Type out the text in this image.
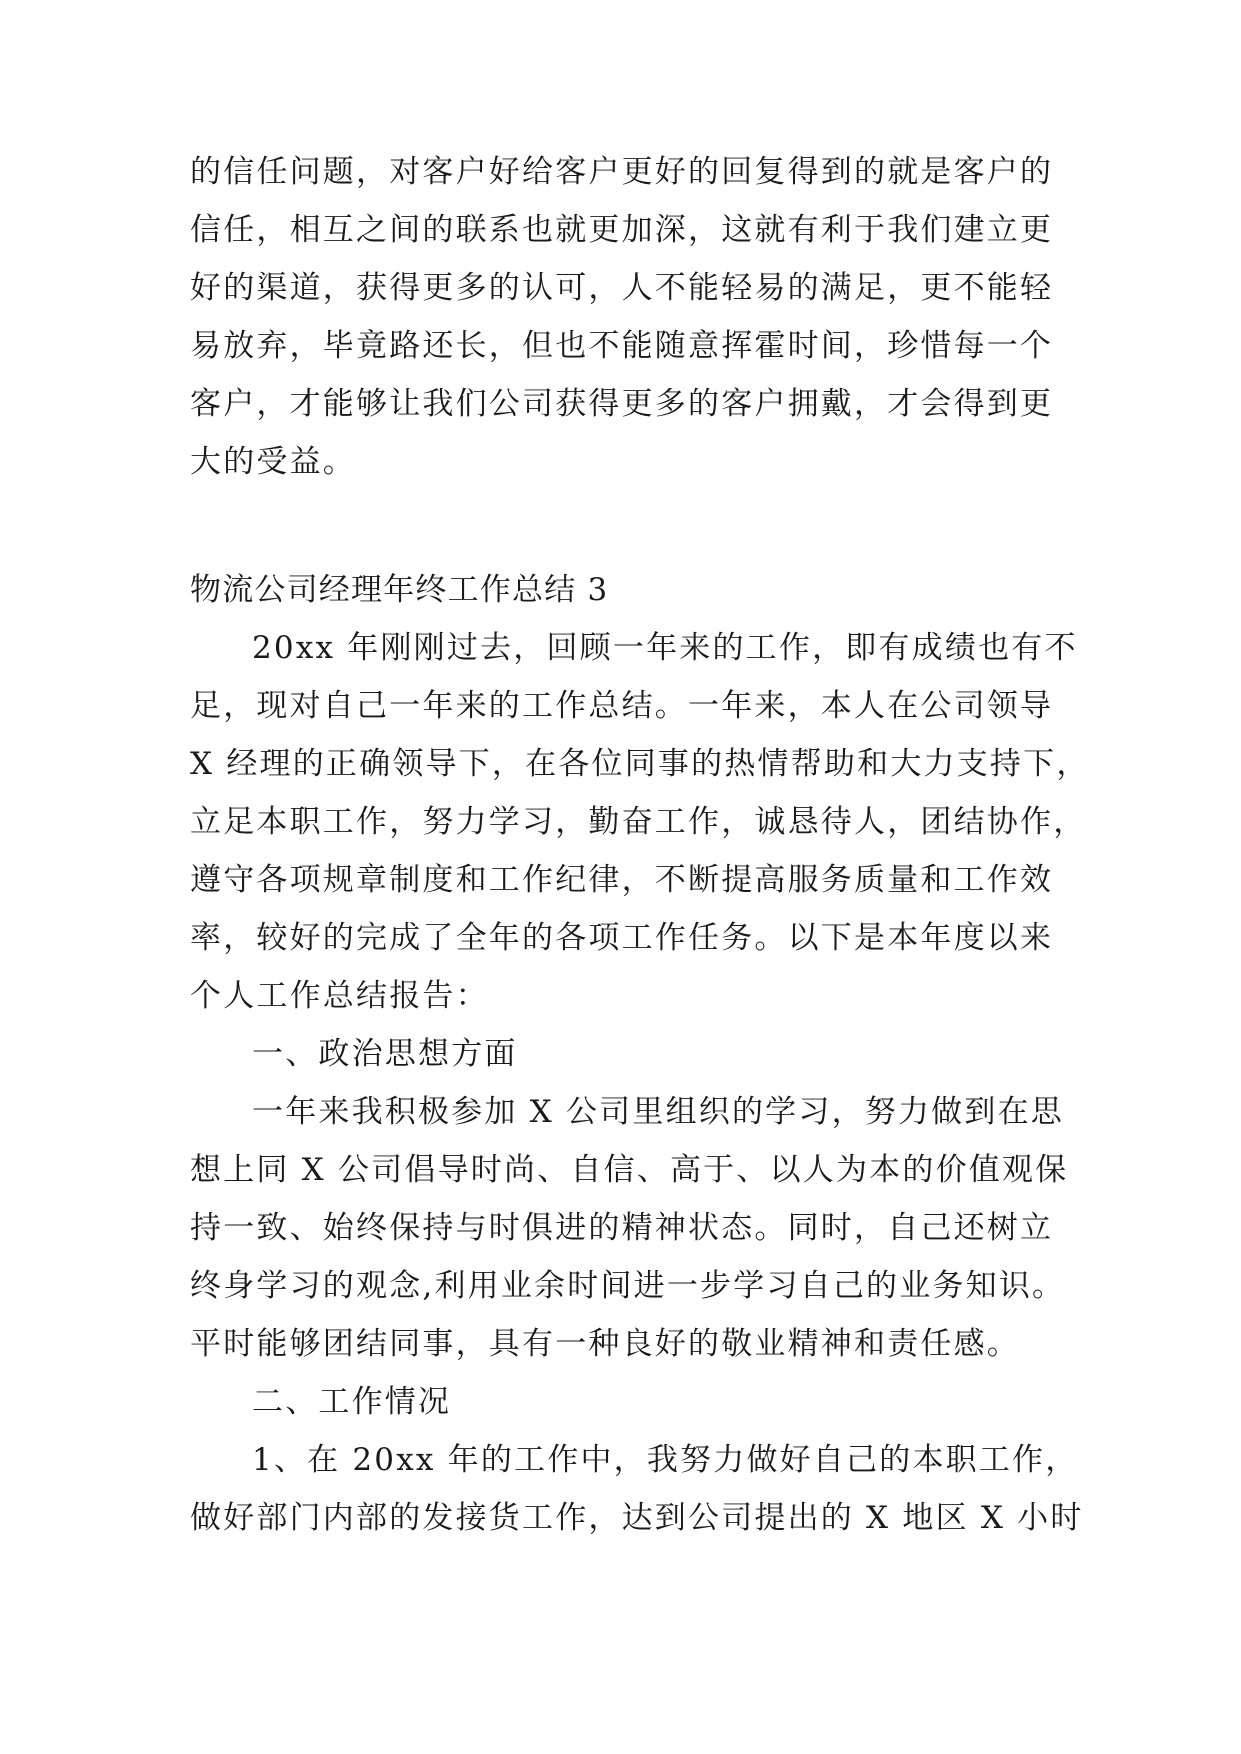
的信任问题，对客户好给客户更好的回复得到的就是客户的
信任，相互之间的联系也就更加深，这就有利于我们建立更
好的渠道，获得更多的认可，人不能轻易的满足，更不能轻
易放弃，毕竟路还长，但也不能随意挥霍时间，珍惜每一个
客户，才能够让我们公司获得更多的客户拥戴，才会得到更
大的受益。
物流公司经理年终工作总结 3
20xx 年刚刚过去，回顾一年来的工作，即有成绩也有不
足，现对自己一年来的工作总结。一年来，本人在公司领导
X 经理的正确领导下，在各位同事的热情帮助和大力支持下，
立足本职工作，努力学习，勤奋工作，诚恳待人，团结协作，
遵守各项规章制度和工作纪律，不断提高服务质量和工作效
率，较好的完成了全年的各项工作任务。以下是本年度以来
个人工作总结报告：
一、政治思想方面
一年来我积极参加 X 公司里组织的学习，努力做到在思
想上同 X 公司倡导时尚、自信、高于、以人为本的价值观保
持一致、始终保持与时俱进的精神状态。同时，自己还树立
终身学习的观念,利用业余时间进一步学习自己的业务知识。
平时能够团结同事，具有一种良好的敬业精神和责任感。
二、工作情况
1、在 20xx 年的工作中，我努力做好自己的本职工作，
做好部门内部的发接货工作，达到公司提出的 X 地区 X 小时
